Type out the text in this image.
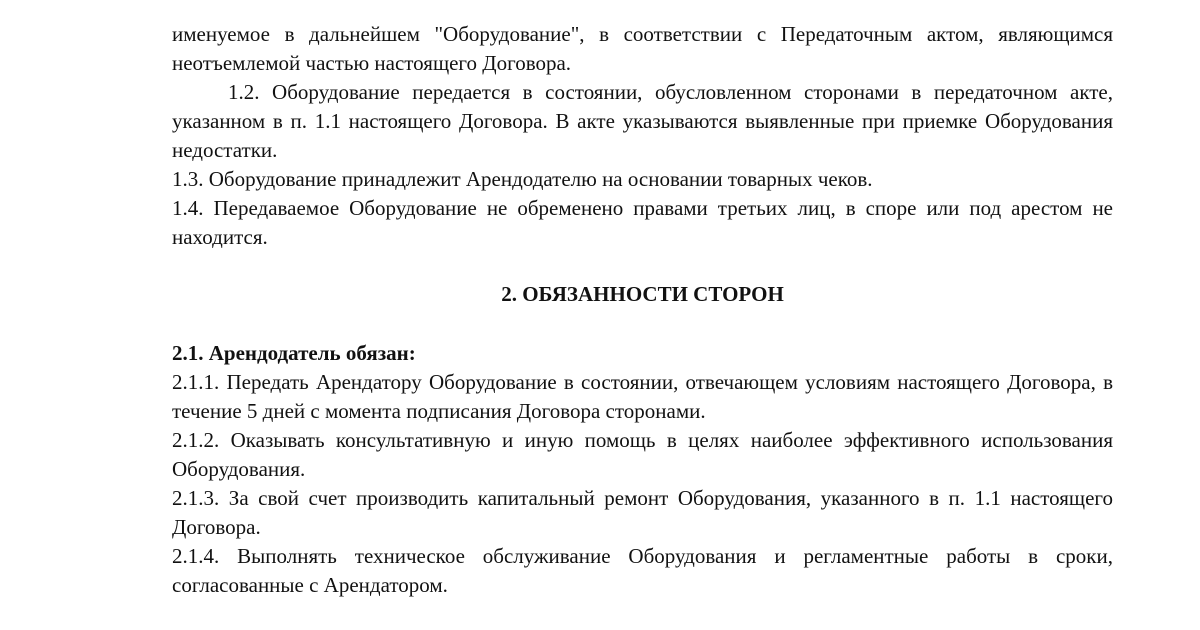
именуемое в дальнейшем "Оборудование", в соответствии с Передаточным актом, являющимся неотъемлемой частью настоящего Договора.

1.2. Оборудование передается в состоянии, обусловленном сторонами в передаточном акте, указанном в п. 1.1 настоящего Договора. В акте указываются выявленные при приемке Оборудования недостатки.

1.3. Оборудование принадлежит Арендодателю на основании товарных чеков.

1.4. Передаваемое Оборудование не обременено правами третьих лиц, в споре или под арестом не находится.

2. ОБЯЗАННОСТИ СТОРОН

2.1. Арендодатель обязан:

2.1.1. Передать Арендатору Оборудование в состоянии, отвечающем условиям настоящего Договора, в течение 5 дней с момента подписания Договора сторонами.

2.1.2. Оказывать консультативную и иную помощь в целях наиболее эффективного использования Оборудования.

2.1.3. За свой счет производить капитальный ремонт Оборудования, указанного в п. 1.1 настоящего Договора.

2.1.4. Выполнять техническое обслуживание Оборудования и регламентные работы в сроки, согласованные с Арендатором.
